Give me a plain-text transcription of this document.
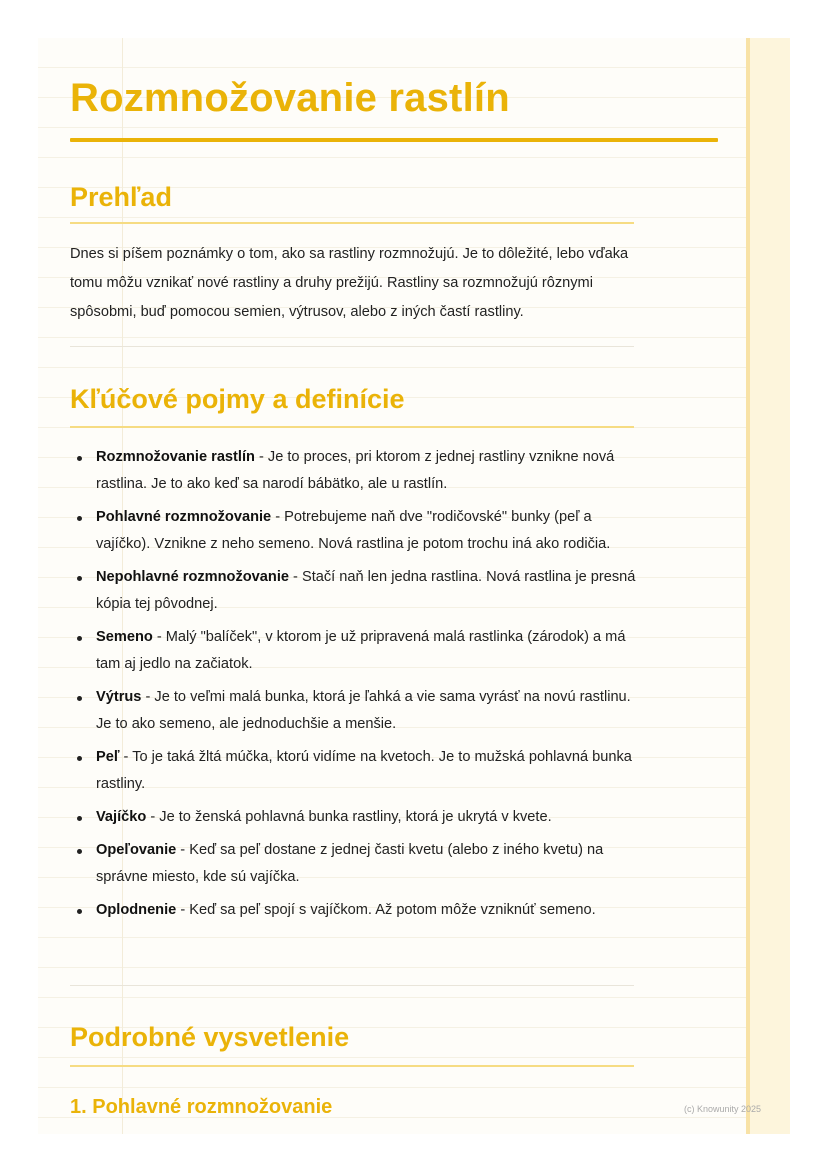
Rozmnožovanie rastlín
Prehľad

Dnes si píšem poznámky o tom, ako sa rastliny rozmnožujú. Je to dôležité, lebo vďaka tomu môžu vznikať nové rastliny a druhy prežijú. Rastliny sa rozmnožujú rôznymi spôsobmi, buď pomocou semien, výtrusov, alebo z iných častí rastliny.

Kľúčové pojmy a definície
Rozmnožovanie rastlín - Je to proces, pri ktorom z jednej rastliny vznikne nová rastlina. Je to ako keď sa narodí bábätko, ale u rastlín.
Pohlavné rozmnožovanie - Potrebujeme naň dve "rodičovské" bunky (peľ a vajíčko). Vznikne z neho semeno. Nová rastlina je potom trochu iná ako rodičia.
Nepohlavné rozmnožovanie - Stačí naň len jedna rastlina. Nová rastlina je presná kópia tej pôvodnej.
Semeno - Malý "balíček", v ktorom je už pripravená malá rastlinka (zárodok) a má tam aj jedlo na začiatok.
Výtrus - Je to veľmi malá bunka, ktorá je ľahká a vie sama vyrásť na novú rastlinu. Je to ako semeno, ale jednoduchšie a menšie.
Peľ - To je taká žltá múčka, ktorú vidíme na kvetoch. Je to mužská pohlavná bunka rastliny.
Vajíčko - Je to ženská pohlavná bunka rastliny, ktorá je ukrytá v kvete.
Opeľovanie - Keď sa peľ dostane z jednej časti kvetu (alebo z iného kvetu) na správne miesto, kde sú vajíčka.
Oplodnenie - Keď sa peľ spojí s vajíčkom. Až potom môže vzniknúť semeno.
Podrobné vysvetlenie
1. Pohlavné rozmnožovanie	(c) Knowunity 2025
